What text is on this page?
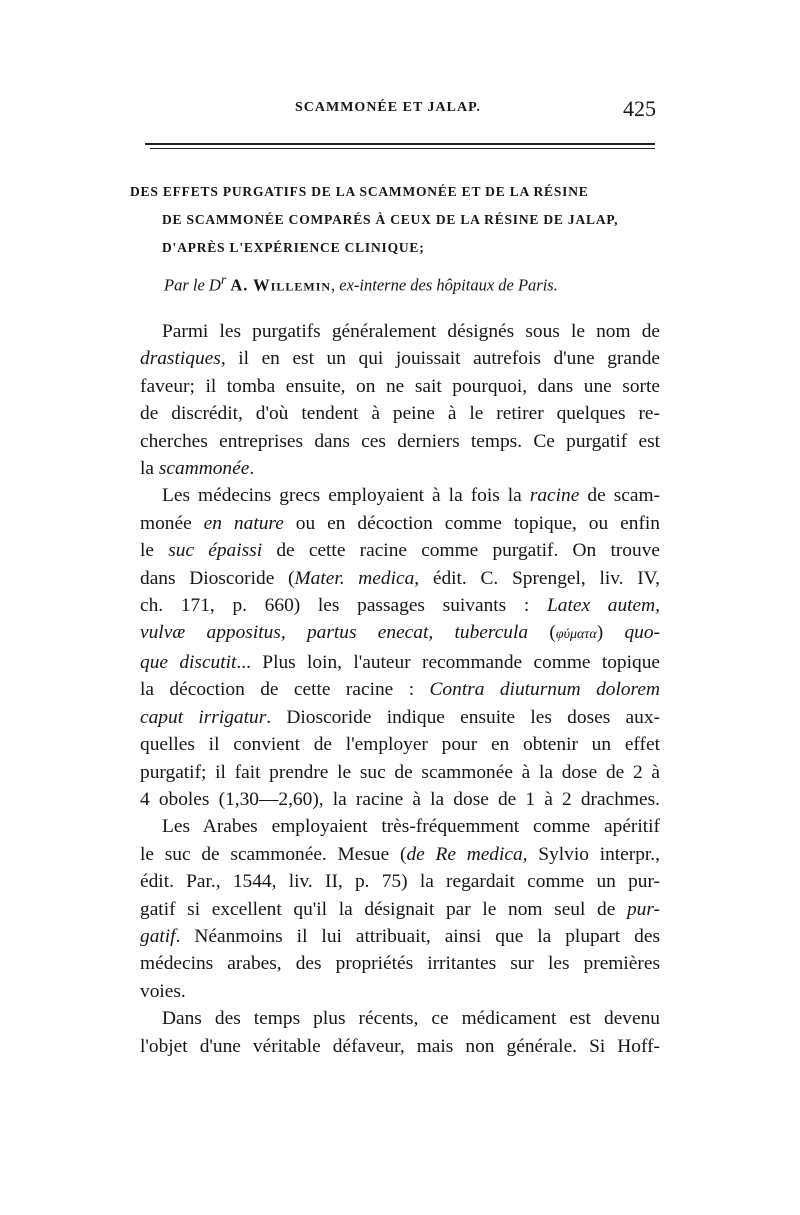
SCAMMONÉE ET JALAP.	425
DES EFFETS PURGATIFS DE LA SCAMMONÉE ET DE LA RÉSINE
DE SCAMMONÉE COMPARÉS À CEUX DE LA RÉSINE DE JALAP,
D'APRÈS L'EXPÉRIENCE CLINIQUE;
Par le $D^r$ A. Willemin, ex-interne des hôpitaux de Paris.
Parmi les purgatifs généralement désignés sous le nom de
drastiques, il en est un qui jouissait autrefois d'une grande
faveur; il tomba ensuite, on ne sait pourquoi, dans une sorte
de discrédit, d'où tendent à peine à le retirer quelques re-
cherches entreprises dans ces derniers temps. Ce purgatif est
la scammonée.
Les médecins grecs employaient à la fois la racine de scam-
monée en nature ou en décoction comme topique, ou enfin
le suc épaissi de cette racine comme purgatif. On trouve
dans Dioscoride (Mater. medica, édit. C. Sprengel, liv. IV,
ch. 171, p. 660) les passages suivants : Latex autem,
vulvæ appositus, partus enecat, tubercula (φύματα) quo-
que discutit... Plus loin, l'auteur recommande comme topique
la décoction de cette racine : Contra diuturnum dolorem
caput irrigatur. Dioscoride indique ensuite les doses aux-
quelles il convient de l'employer pour en obtenir un effet
purgatif; il fait prendre le suc de scammonée à la dose de 2 à
4 oboles (1,30—2,60), la racine à la dose de 1 à 2 drachmes.
Les Arabes employaient très-fréquemment comme apéritif
le suc de scammonée. Mesue (de Re medica, Sylvio interpr.,
édit. Par., 1544, liv. II, p. 75) la regardait comme un pur-
gatif si excellent qu'il la désignait par le nom seul de pur-
gatif. Néanmoins il lui attribuait, ainsi que la plupart des
médecins arabes, des propriétés irritantes sur les premières
voies.
Dans des temps plus récents, ce médicament est devenu
l'objet d'une véritable défaveur, mais non générale. Si Hoff-
